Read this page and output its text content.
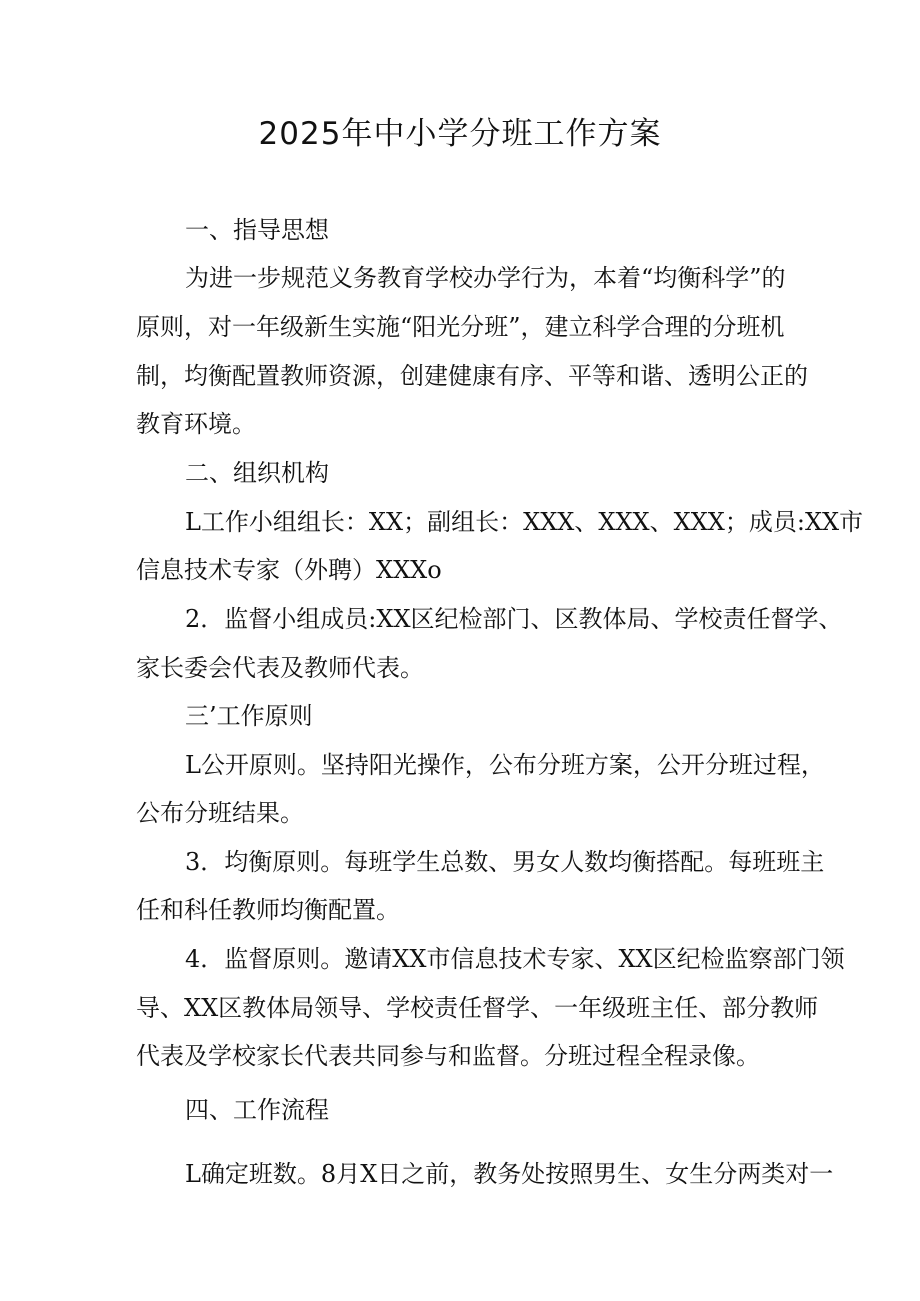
2025年中小学分班工作方案

一、指导思想

为进一步规范义务教育学校办学行为，本着“均衡科学”的

原则，对一年级新生实施“阳光分班”，建立科学合理的分班机

制，均衡配置教师资源，创建健康有序、平等和谐、透明公正的

教育环境。

二、组织机构

L工作小组组长：XX；副组长：XXX、XXX、XXX；成员:XX市

信息技术专家（外聘）XXXo

2．监督小组成员:XX区纪检部门、区教体局、学校责任督学、

家长委会代表及教师代表。

三’工作原则

L公开原则。坚持阳光操作，公布分班方案，公开分班过程，

公布分班结果。

3．均衡原则。每班学生总数、男女人数均衡搭配。每班班主

任和科任教师均衡配置。

4．监督原则。邀请XX市信息技术专家、XX区纪检监察部门领

导、XX区教体局领导、学校责任督学、一年级班主任、部分教师

代表及学校家长代表共同参与和监督。分班过程全程录像。

四、工作流程

L确定班数。8月X日之前，教务处按照男生、女生分两类对一
